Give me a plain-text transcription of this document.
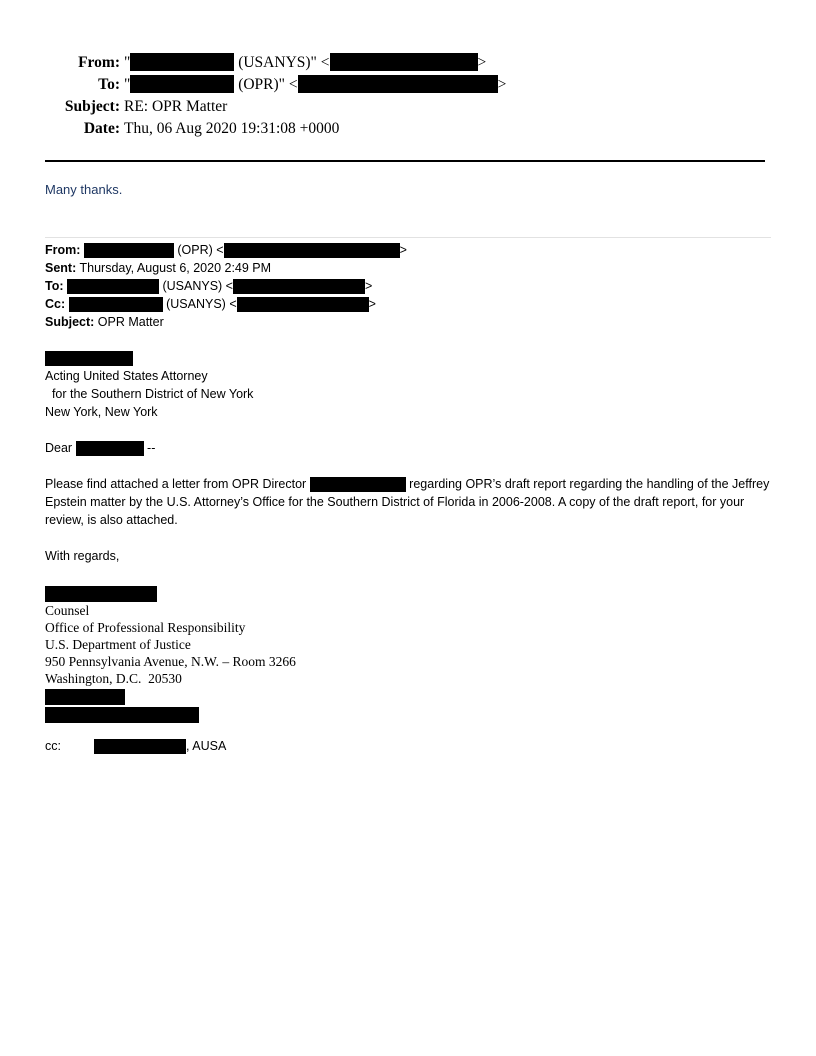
From: "	(USANYS)" <	>
To: "	(OPR)" <	>
Subject: RE: OPR Matter
Date: Thu, 06 Aug 2020 19:31:08 +0000
Many thanks.
From:	(OPR) <	>
Sent: Thursday, August 6, 2020 2:49 PM
To:	(USANYS) <	>
Cc:	(USANYS) <	>
Subject: OPR Matter
Acting United States Attorney
for the Southern District of New York
New York, New York
Dear	--
Please find attached a letter from OPR Director	regarding OPR’s draft report regarding the handling of the Jeffrey Epstein matter by the U.S. Attorney’s Office for the Southern District of Florida in 2006-2008. A copy of the draft report, for your review, is also attached.
With regards,
Counsel
Office of Professional Responsibility
U.S. Department of Justice
950 Pennsylvania Avenue, N.W. – Room 3266
Washington, D.C.  20530
cc:	, AUSA
